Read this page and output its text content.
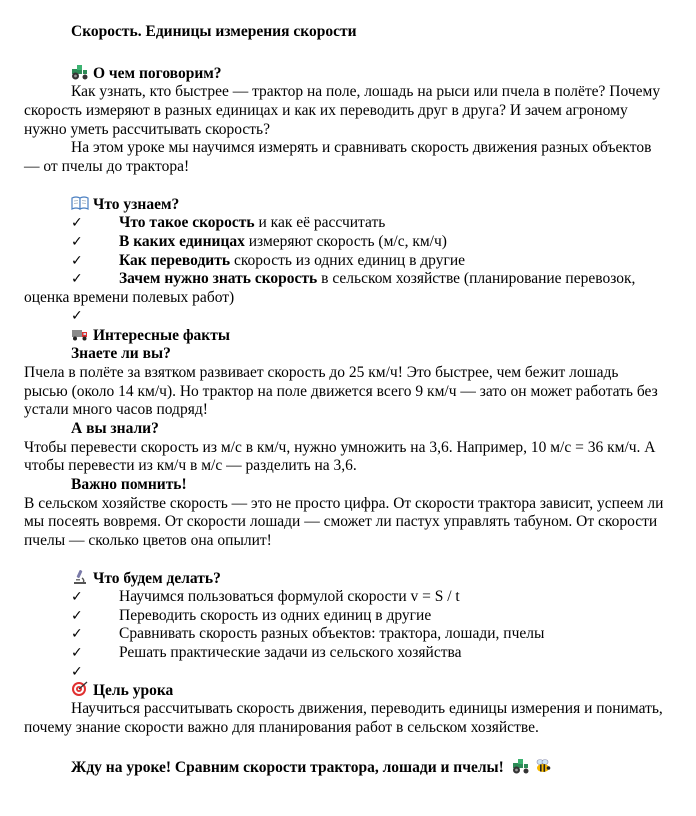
Скорость. Единицы измерения скорости
О чем поговорим?
Как узнать, кто быстрее — трактор на поле, лошадь на рыси или пчела в полёте? Почему
скорость измеряют в разных единицах и как их переводить друг в друга? И зачем агроному
нужно уметь рассчитывать скорость?
На этом уроке мы научимся измерять и сравнивать скорость движения разных объектов
— от пчелы до трактора!
Что узнаем?
✓ Что такое скорость и как её рассчитать
✓ В каких единицах измеряют скорость (м/с, км/ч)
✓ Как переводить скорость из одних единиц в другие
✓ Зачем нужно знать скорость в сельском хозяйстве (планирование перевозок,
оценка времени полевых работ)
✓
Интересные факты
Знаете ли вы?
Пчела в полёте за взятком развивает скорость до 25 км/ч! Это быстрее, чем бежит лошадь
рысью (около 14 км/ч). Но трактор на поле движется всего 9 км/ч — зато он может работать без
устали много часов подряд!
А вы знали?
Чтобы перевести скорость из м/с в км/ч, нужно умножить на 3,6. Например, 10 м/с = 36 км/ч. А
чтобы перевести из км/ч в м/с — разделить на 3,6.
Важно помнить!
В сельском хозяйстве скорость — это не просто цифра. От скорости трактора зависит, успеем ли
мы посеять вовремя. От скорости лошади — сможет ли пастух управлять табуном. От скорости
пчелы — сколько цветов она опылит!
Что будем делать?
✓ Научимся пользоваться формулой скорости v = S / t
✓ Переводить скорость из одних единиц в другие
✓ Сравнивать скорость разных объектов: трактора, лошади, пчелы
✓ Решать практические задачи из сельского хозяйства
✓
Цель урока
Научиться рассчитывать скорость движения, переводить единицы измерения и понимать,
почему знание скорости важно для планирования работ в сельском хозяйстве.
Жду на уроке! Сравним скорости трактора, лошади и пчелы!
